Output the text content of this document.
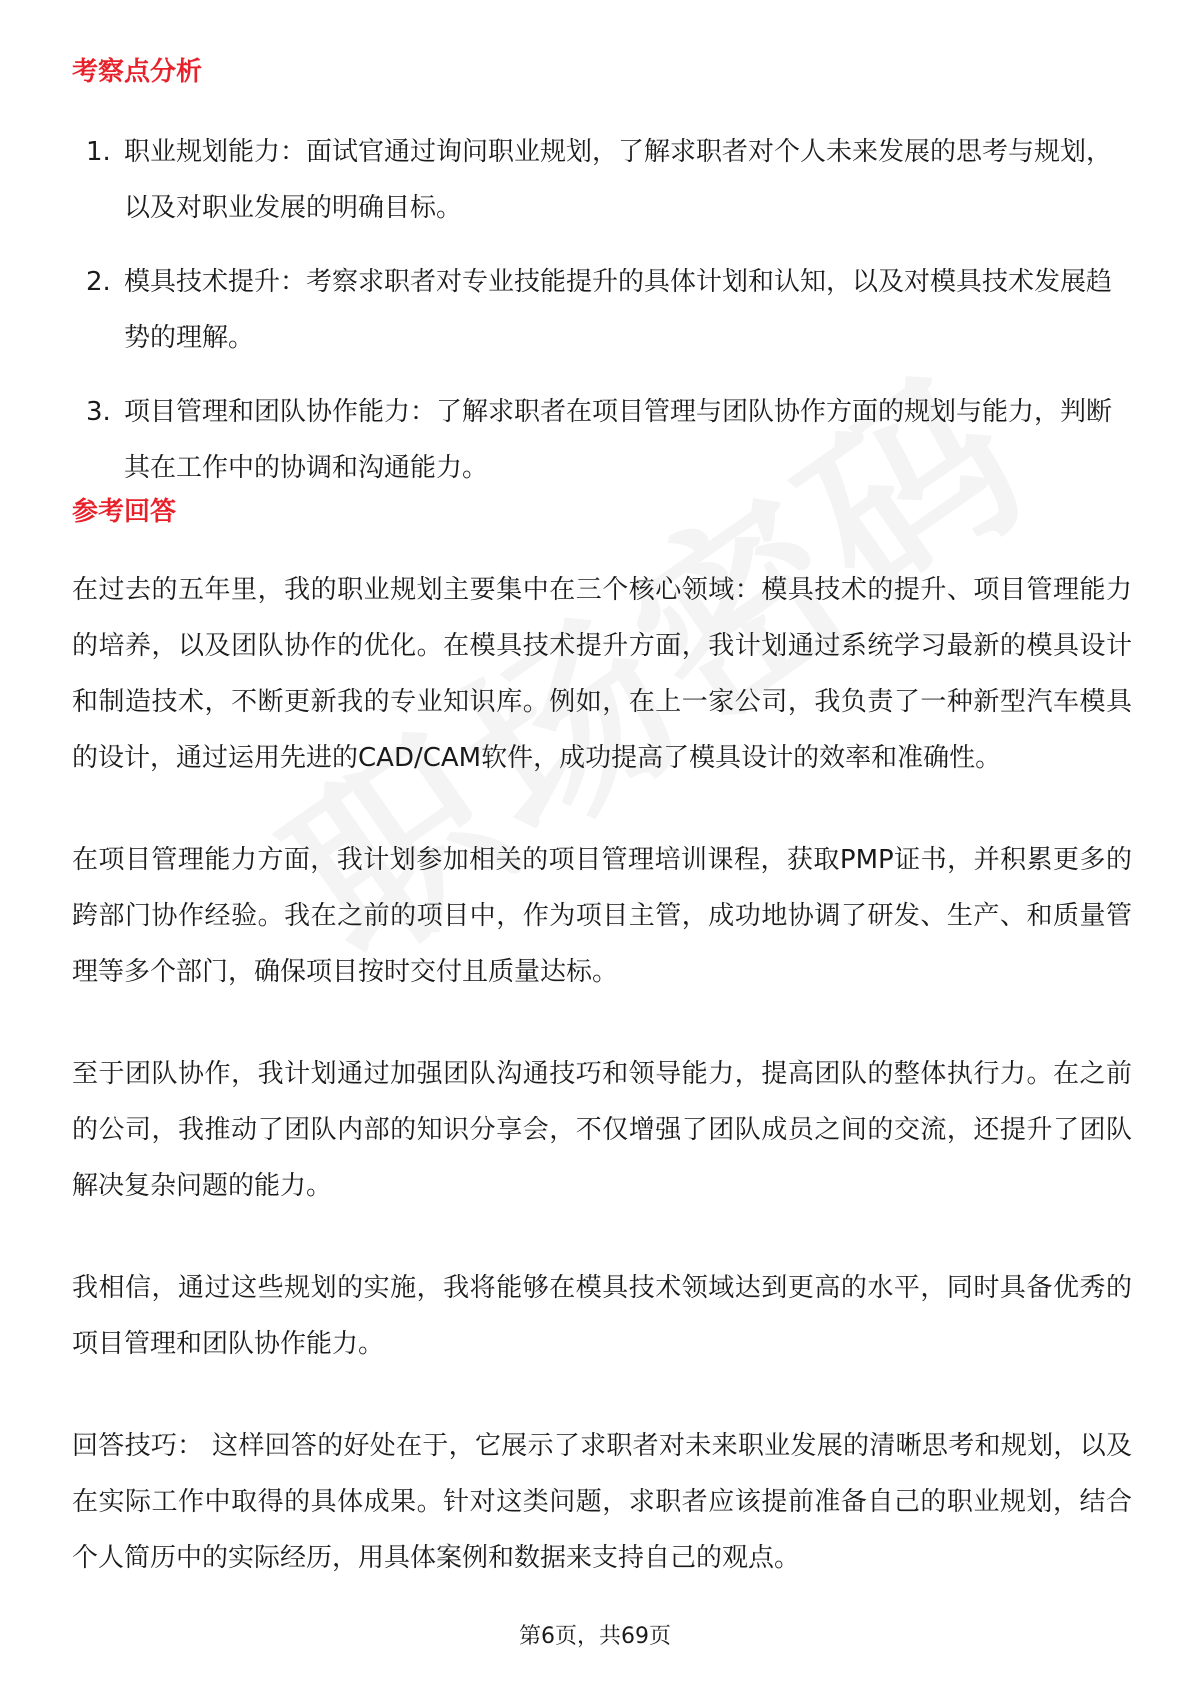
考察点分析
1. 职业规划能力：面试官通过询问职业规划，了解求职者对个人未来发展的思考与规划，以及对职业发展的明确目标。
2. 模具技术提升：考察求职者对专业技能提升的具体计划和认知，以及对模具技术发展趋势的理解。
3. 项目管理和团队协作能力：了解求职者在项目管理与团队协作方面的规划与能力，判断其在工作中的协调和沟通能力。
参考回答

在过去的五年里，我的职业规划主要集中在三个核心领域：模具技术的提升、项目管理能力的培养，以及团队协作的优化。在模具技术提升方面，我计划通过系统学习最新的模具设计和制造技术，不断更新我的专业知识库。例如，在上一家公司，我负责了一种新型汽车模具的设计，通过运用先进的CAD/CAM软件，成功提高了模具设计的效率和准确性。

在项目管理能力方面，我计划参加相关的项目管理培训课程，获取PMP证书，并积累更多的跨部门协作经验。我在之前的项目中，作为项目主管，成功地协调了研发、生产、和质量管理等多个部门，确保项目按时交付且质量达标。

至于团队协作，我计划通过加强团队沟通技巧和领导能力，提高团队的整体执行力。在之前的公司，我推动了团队内部的知识分享会，不仅增强了团队成员之间的交流，还提升了团队解决复杂问题的能力。

我相信，通过这些规划的实施，我将能够在模具技术领域达到更高的水平，同时具备优秀的项目管理和团队协作能力。

回答技巧： 这样回答的好处在于，它展示了求职者对未来职业发展的清晰思考和规划，以及在实际工作中取得的具体成果。针对这类问题，求职者应该提前准备自己的职业规划，结合个人简历中的实际经历，用具体案例和数据来支持自己的观点。

第6页，共69页
